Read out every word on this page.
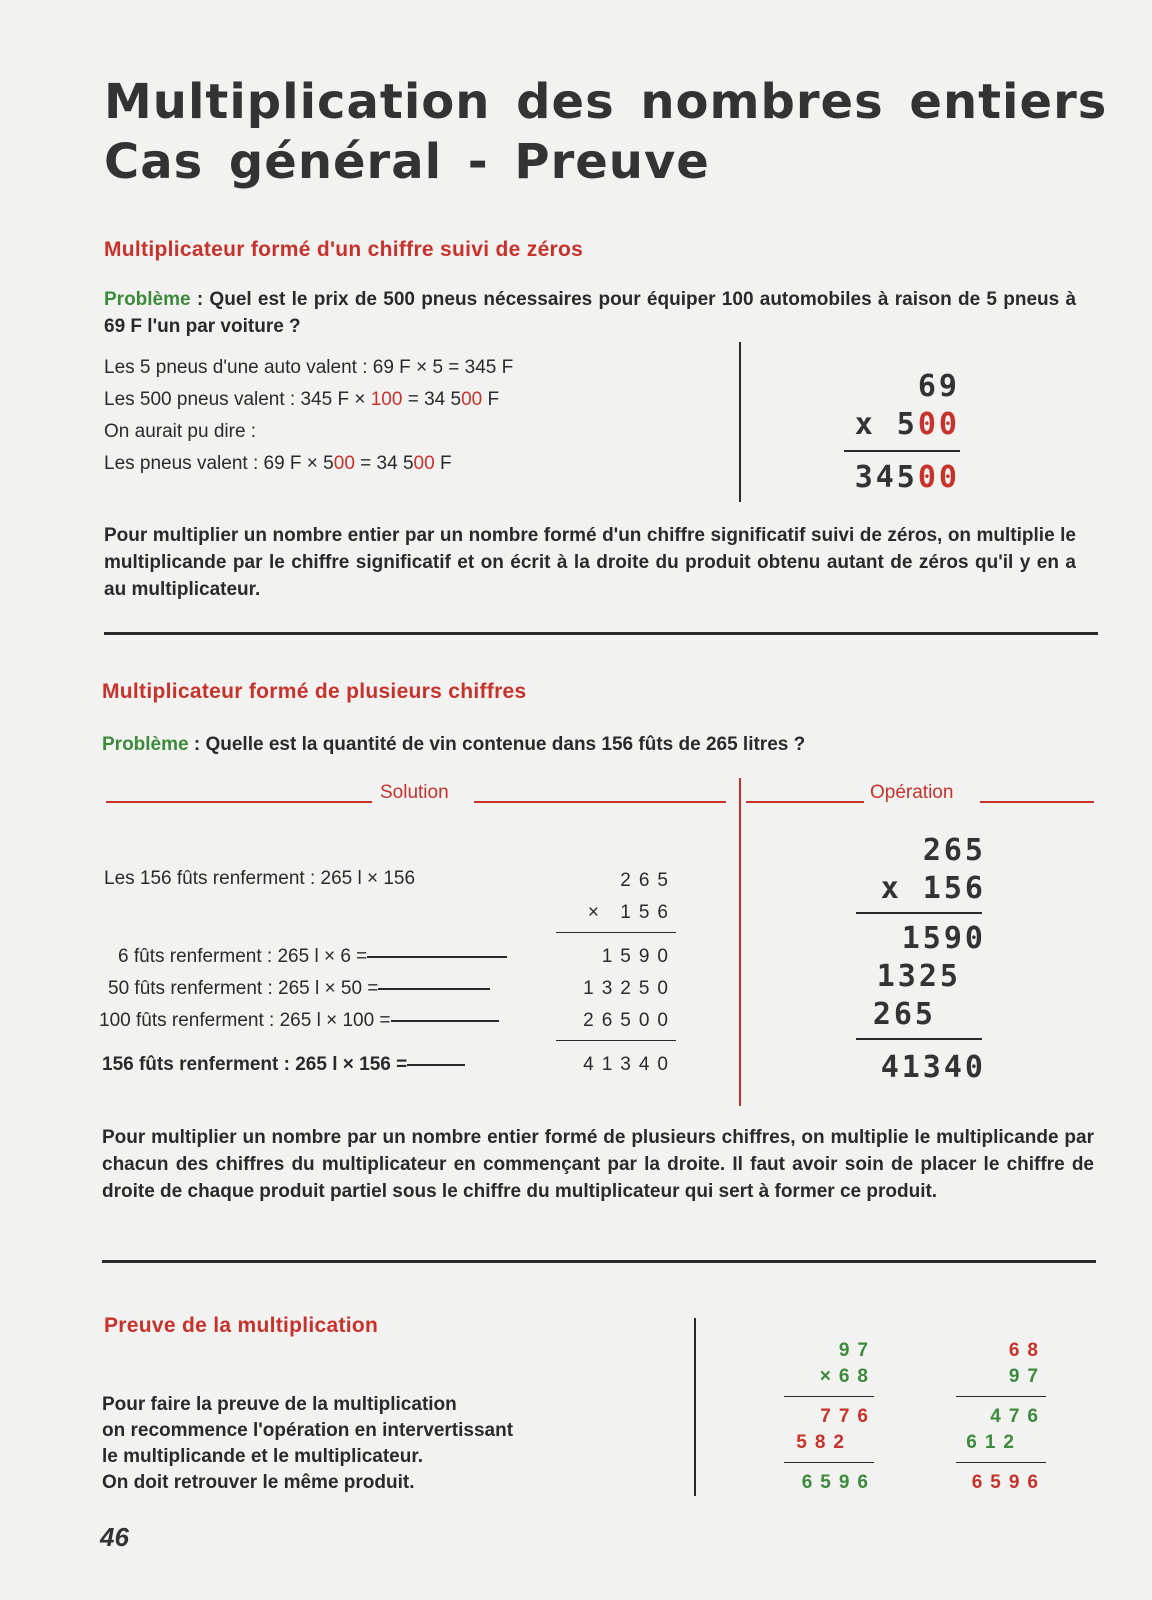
Multiplication des nombres entiers
Cas général - Preuve
Multiplicateur formé d'un chiffre suivi de zéros
Problème : Quel est le prix de 500 pneus nécessaires pour équiper 100 automobiles à raison de 5 pneus à 69 F l'un par voiture ?

Les 5 pneus d'une auto valent : 69 F × 5 = 345 F

Les 500 pneus valent : 345 F × 100 = 34 500 F

On aurait pu dire :

Les pneus valent : 69 F × 500 = 34 500 F

69

x 500

34500

Pour multiplier un nombre entier par un nombre formé d'un chiffre significatif suivi de zéros, on multiplie le multiplicande par le chiffre significatif et on écrit à la droite du produit obtenu autant de zéros qu'il y en a au multiplicateur.
Multiplicateur formé de plusieurs chiffres
Problème : Quelle est la quantité de vin contenue dans 156 fûts de 265 litres ?
Solution	Opération
Les 156 fûts renferment : 265 l × 156	265
× 156
6 fûts renferment : 265 l × 6 =	1590
50 fûts renferment : 265 l × 50 =	13250
100 fûts renferment : 265 l × 100 =	26500
156 fûts renferment : 265 l × 156 =	41340

265

x 156

1590

1325

265

41340

Pour multiplier un nombre par un nombre entier formé de plusieurs chiffres, on multiplie le multiplicande par chacun des chiffres du multiplicateur en commençant par la droite. Il faut avoir soin de placer le chiffre de droite de chaque produit partiel sous le chiffre du multiplicateur qui sert à former ce produit.
Preuve de la multiplication

Pour faire la preuve de la multiplication

on recommence l'opération en intervertissant

le multiplicande et le multiplicateur.

On doit retrouver le même produit.

97
×68
776
582
6596
68
97
476
612
6596
46
